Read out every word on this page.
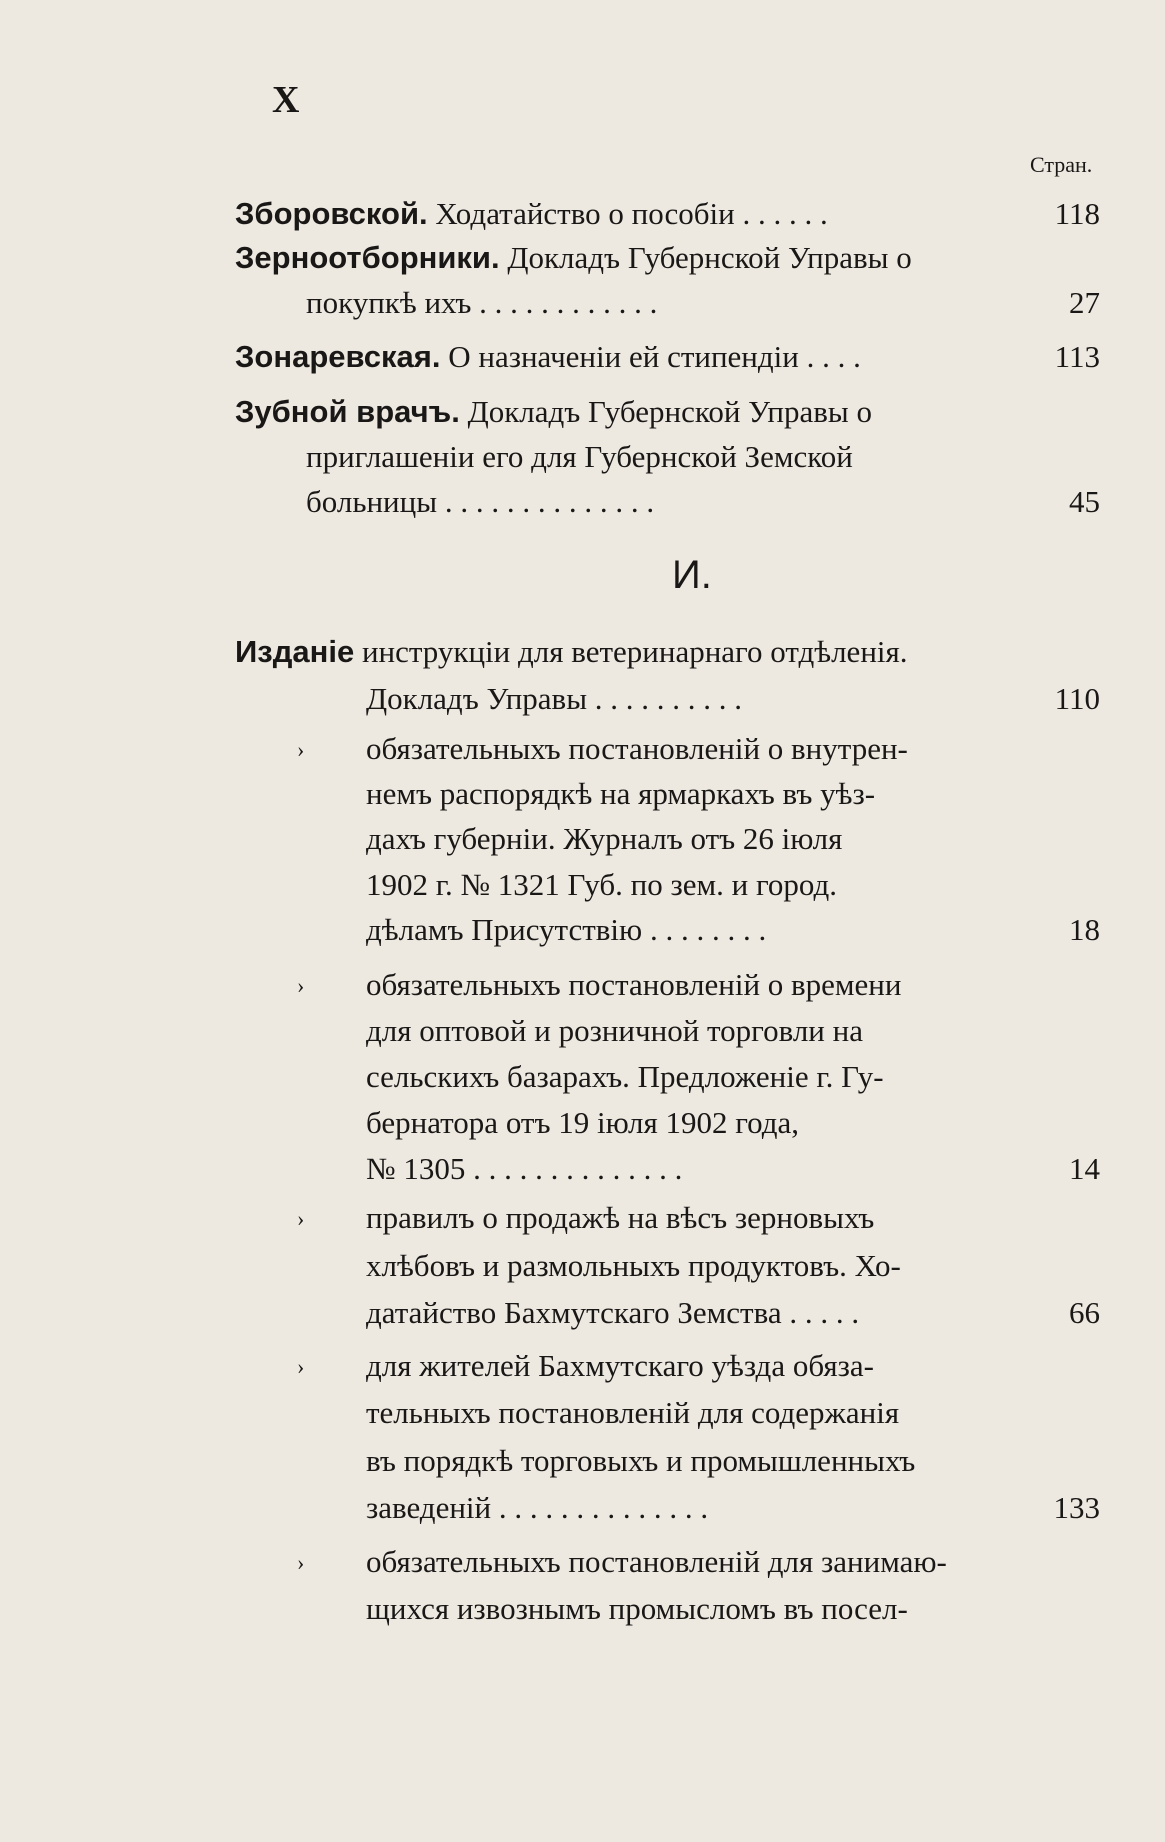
X
Стран.
Зборовской. Ходатайство о пособіи . . . . . .	118
Зерноотборники. Докладъ Губернской Управы о
покупкѣ ихъ . . . . . . . . . . . .	27
Зонаревская. О назначеніи ей стипендіи . . . .	113
Зубной врачъ. Докладъ Губернской Управы о
приглашеніи его для Губернской Земской
больницы . . . . . . . . . . . . . .	45
И.
Изданіе инструкціи для ветеринарнаго отдѣленія.
Докладъ Управы . . . . . . . . . .	110
› обязательныхъ постановленій о внутрен-
немъ распорядкѣ на ярмаркахъ въ уѣз-
дахъ губерніи. Журналъ отъ 26 іюля
1902 г. № 1321 Губ. по зем. и город.
дѣламъ Присутствію . . . . . . . .	18
› обязательныхъ постановленій о времени
для оптовой и розничной торговли на
сельскихъ базарахъ. Предложеніе г. Гу-
бернатора отъ 19 іюля 1902 года,
№ 1305 . . . . . . . . . . . . . .	14
› правилъ о продажѣ на вѣсъ зерновыхъ
хлѣбовъ и размольныхъ продуктовъ. Хо-
датайство Бахмутскаго Земства . . . . .	66
› для жителей Бахмутскаго уѣзда обяза-
тельныхъ постановленій для содержанія
въ порядкѣ торговыхъ и промышленныхъ
заведеній . . . . . . . . . . . . . .	133
› обязательныхъ постановленій для занимаю-
щихся извознымъ промысломъ въ посел-
